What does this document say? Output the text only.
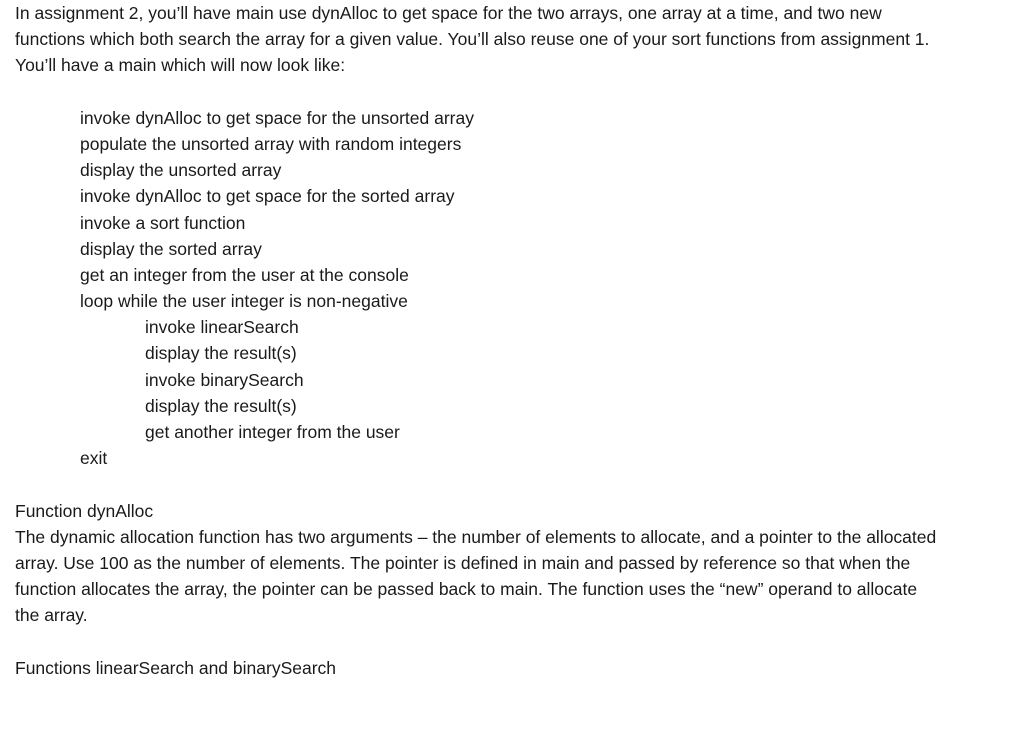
In assignment 2, you’ll have main use dynAlloc to get space for the two arrays, one array at a time, and two new
functions which both search the array for a given value. You’ll also reuse one of your sort functions from assignment 1.
You’ll have a main which will now look like:
invoke dynAlloc to get space for the unsorted array
populate the unsorted array with random integers
display the unsorted array
invoke dynAlloc to get space for the sorted array
invoke a sort function
display the sorted array
get an integer from the user at the console
loop while the user integer is non-negative
invoke linearSearch
display the result(s)
invoke binarySearch
display the result(s)
get another integer from the user
exit
Function dynAlloc
The dynamic allocation function has two arguments – the number of elements to allocate, and a pointer to the allocated
array. Use 100 as the number of elements. The pointer is defined in main and passed by reference so that when the
function allocates the array, the pointer can be passed back to main. The function uses the “new” operand to allocate
the array.
Functions linearSearch and binarySearch
